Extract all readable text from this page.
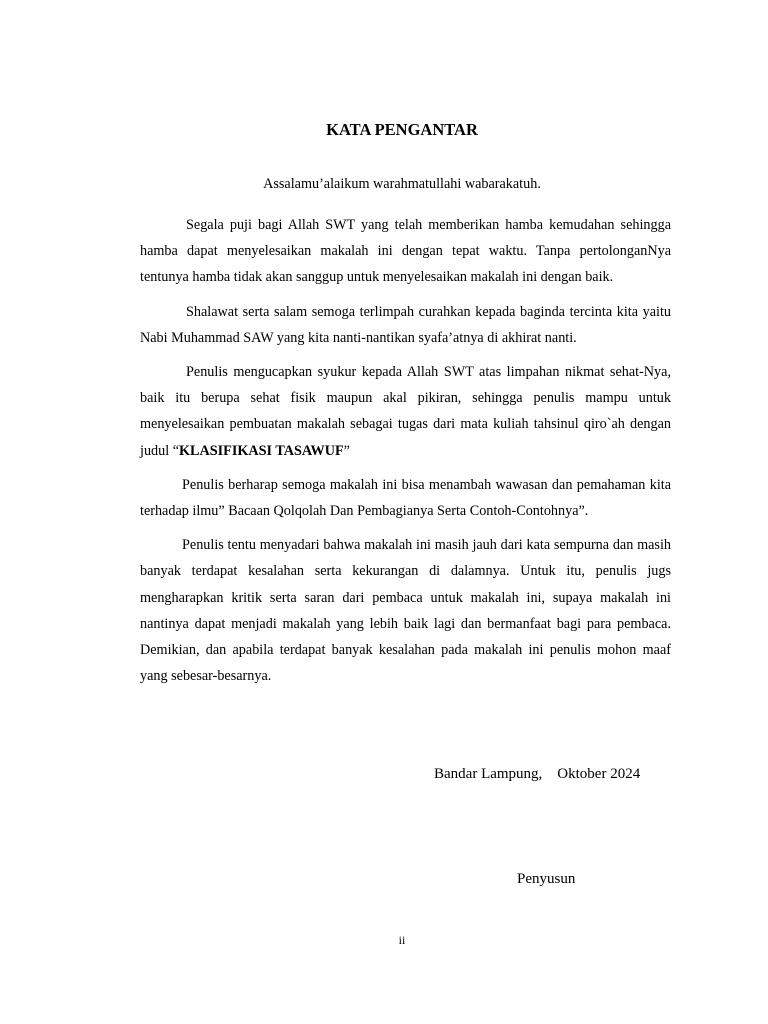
KATA PENGANTAR

Assalamu’alaikum warahmatullahi wabarakatuh.

Segala puji bagi Allah SWT yang telah memberikan hamba kemudahan sehingga hamba dapat menyelesaikan makalah ini dengan tepat waktu. Tanpa pertolonganNya tentunya hamba tidak akan sanggup untuk menyelesaikan makalah ini dengan baik.

Shalawat serta salam semoga terlimpah curahkan kepada baginda tercinta kita yaitu Nabi Muhammad SAW yang kita nanti-nantikan syafa’atnya di akhirat nanti.

Penulis mengucapkan syukur kepada Allah SWT atas limpahan nikmat sehat-Nya, baik itu berupa sehat fisik maupun akal pikiran, sehingga penulis mampu untuk menyelesaikan pembuatan makalah sebagai tugas dari mata kuliah tahsinul qiro`ah dengan judul “KLASIFIKASI TASAWUF”

Penulis berharap semoga makalah ini bisa menambah wawasan dan pemahaman kita terhadap ilmu” Bacaan Qolqolah Dan Pembagianya Serta Contoh-Contohnya”.

Penulis tentu menyadari bahwa makalah ini masih jauh dari kata sempurna dan masih banyak terdapat kesalahan serta kekurangan di dalamnya. Untuk itu, penulis jugs mengharapkan kritik serta saran dari pembaca untuk makalah ini, supaya makalah ini nantinya dapat menjadi makalah yang lebih baik lagi dan bermanfaat bagi para pembaca. Demikian, dan apabila terdapat banyak kesalahan pada makalah ini penulis mohon maaf yang sebesar-besarnya.

Bandar Lampung,    Oktober 2024

Penyusun

ii
